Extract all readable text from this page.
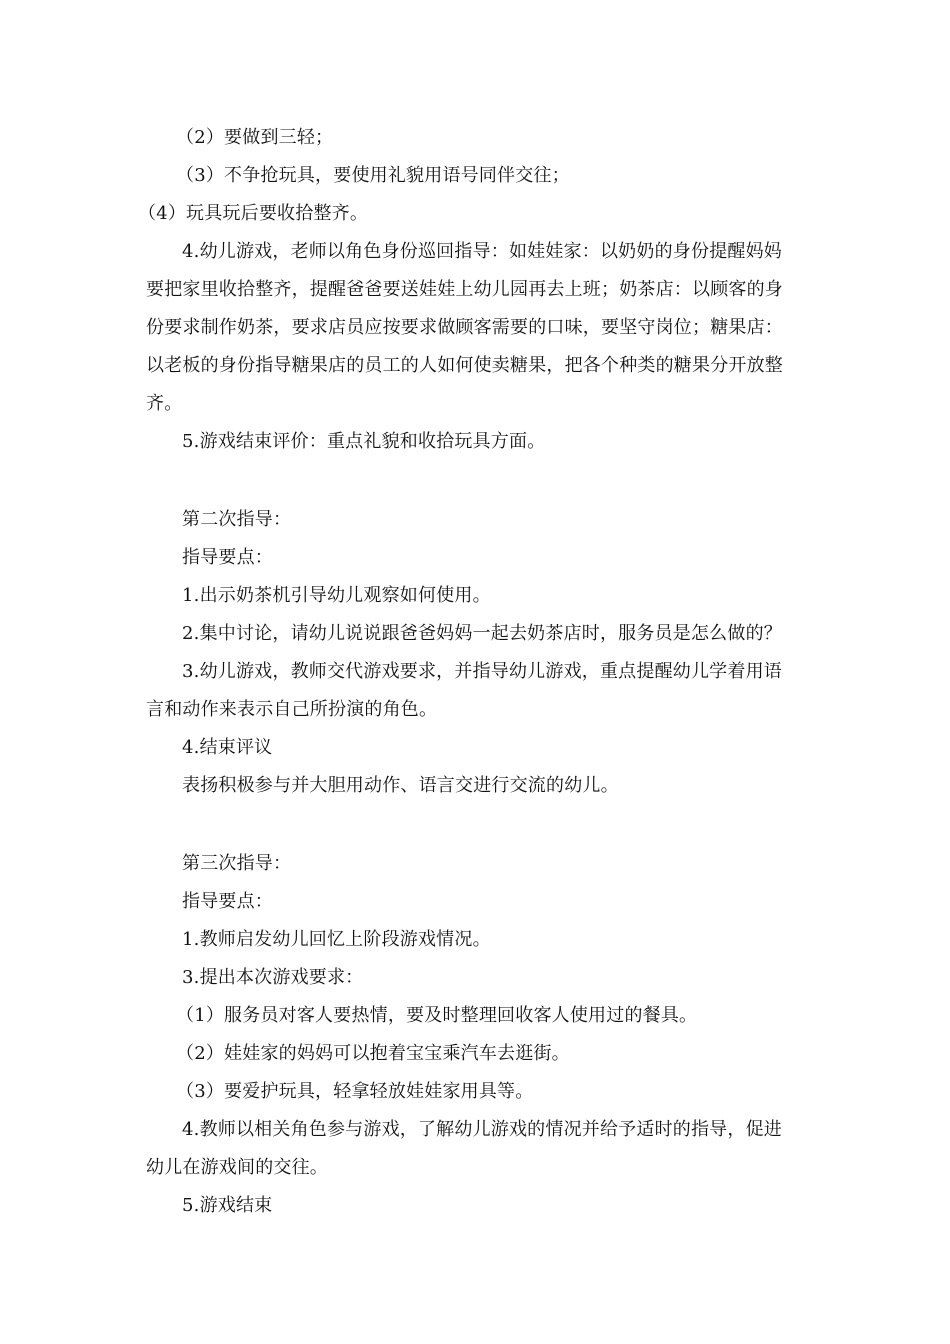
（2）要做到三轻；
（3）不争抢玩具，要使用礼貌用语号同伴交往；
（4）玩具玩后要收拾整齐。
4.幼儿游戏，老师以角色身份巡回指导：如娃娃家：以奶奶的身份提醒妈妈
要把家里收拾整齐，提醒爸爸要送娃娃上幼儿园再去上班；奶茶店：以顾客的身
份要求制作奶茶，要求店员应按要求做顾客需要的口味，要坚守岗位；糖果店：
以老板的身份指导糖果店的员工的人如何使卖糖果，把各个种类的糖果分开放整
齐。
5.游戏结束评价：重点礼貌和收拾玩具方面。
第二次指导：
指导要点：
1.出示奶茶机引导幼儿观察如何使用。
2.集中讨论，请幼儿说说跟爸爸妈妈一起去奶茶店时，服务员是怎么做的？
3.幼儿游戏，教师交代游戏要求，并指导幼儿游戏，重点提醒幼儿学着用语
言和动作来表示自己所扮演的角色。
4.结束评议
表扬积极参与并大胆用动作、语言交进行交流的幼儿。
第三次指导：
指导要点：
1.教师启发幼儿回忆上阶段游戏情况。
3.提出本次游戏要求：
（1）服务员对客人要热情，要及时整理回收客人使用过的餐具。
（2）娃娃家的妈妈可以抱着宝宝乘汽车去逛街。
（3）要爱护玩具，轻拿轻放娃娃家用具等。
4.教师以相关角色参与游戏，了解幼儿游戏的情况并给予适时的指导，促进
幼儿在游戏间的交往。
5.游戏结束
